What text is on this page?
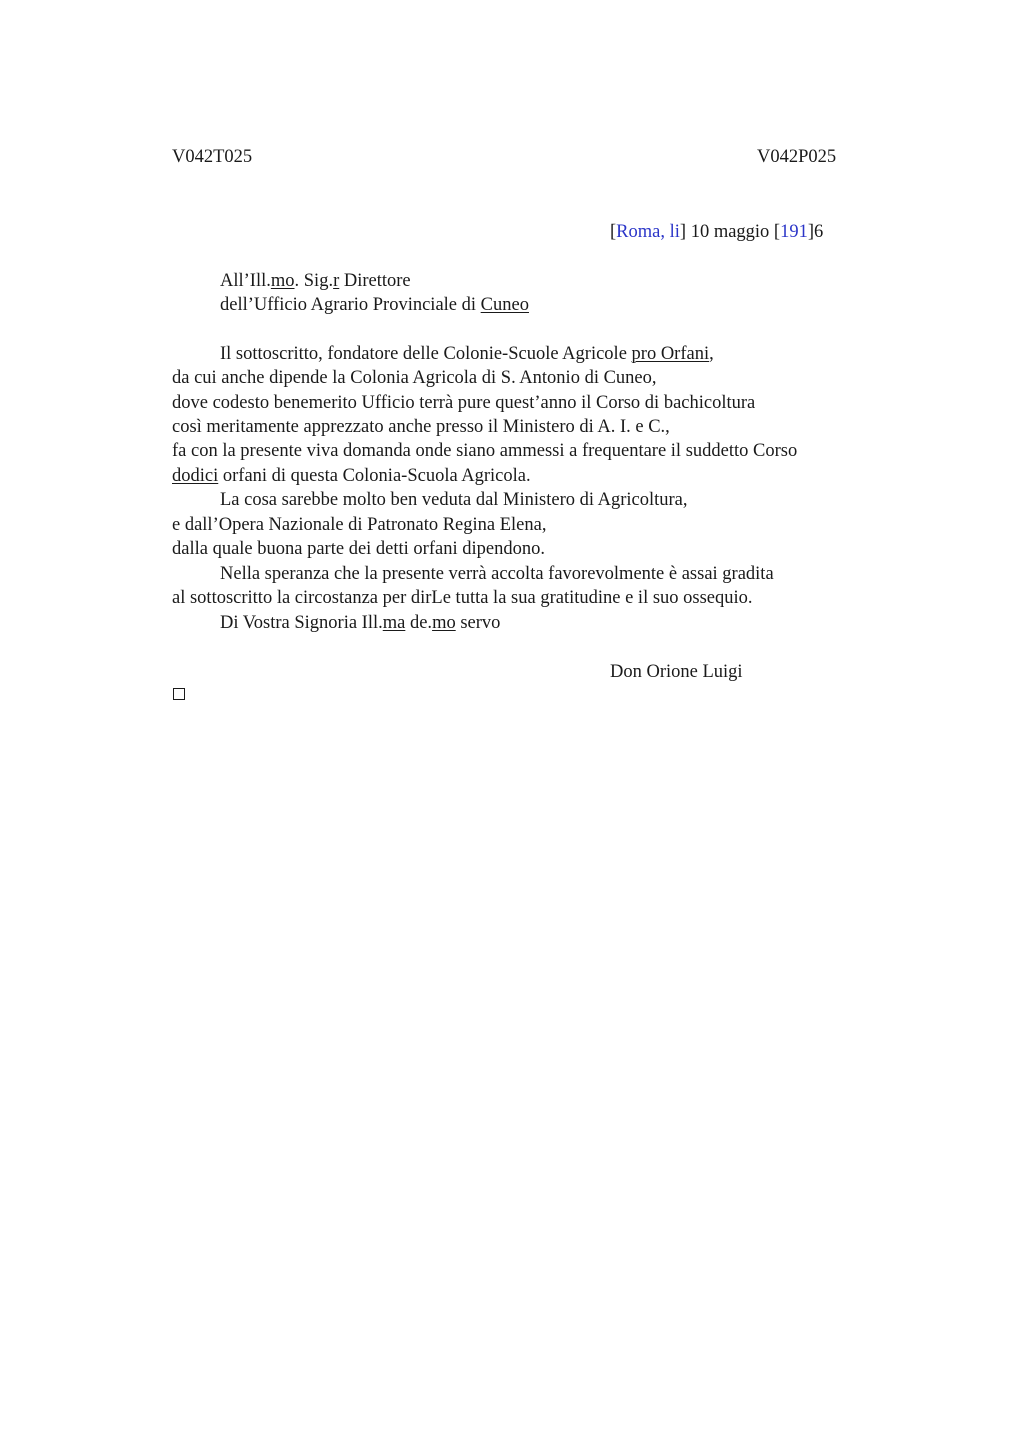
V042T025	V042P025
[Roma, li] 10 maggio [191]6
All’Ill.mo. Sig.r Direttore
dell’Ufficio Agrario Provinciale di Cuneo
Il sottoscritto, fondatore delle Colonie-Scuole Agricole pro Orfani,
da cui anche dipende la Colonia Agricola di S. Antonio di Cuneo,
dove codesto benemerito Ufficio terrà pure quest’anno il Corso di bachicoltura
così meritamente apprezzato anche presso il Ministero di A. I. e C.,
fa con la presente viva domanda onde siano ammessi a frequentare il suddetto Corso
dodici orfani di questa Colonia-Scuola Agricola.
La cosa sarebbe molto ben veduta dal Ministero di Agricoltura,
e dall’Opera Nazionale di Patronato Regina Elena,
dalla quale buona parte dei detti orfani dipendono.
Nella speranza che la presente verrà accolta favorevolmente è assai gradita
al sottoscritto la circostanza per dirLe tutta la sua gratitudine e il suo ossequio.
Di Vostra Signoria Ill.ma de.mo servo
Don Orione Luigi
